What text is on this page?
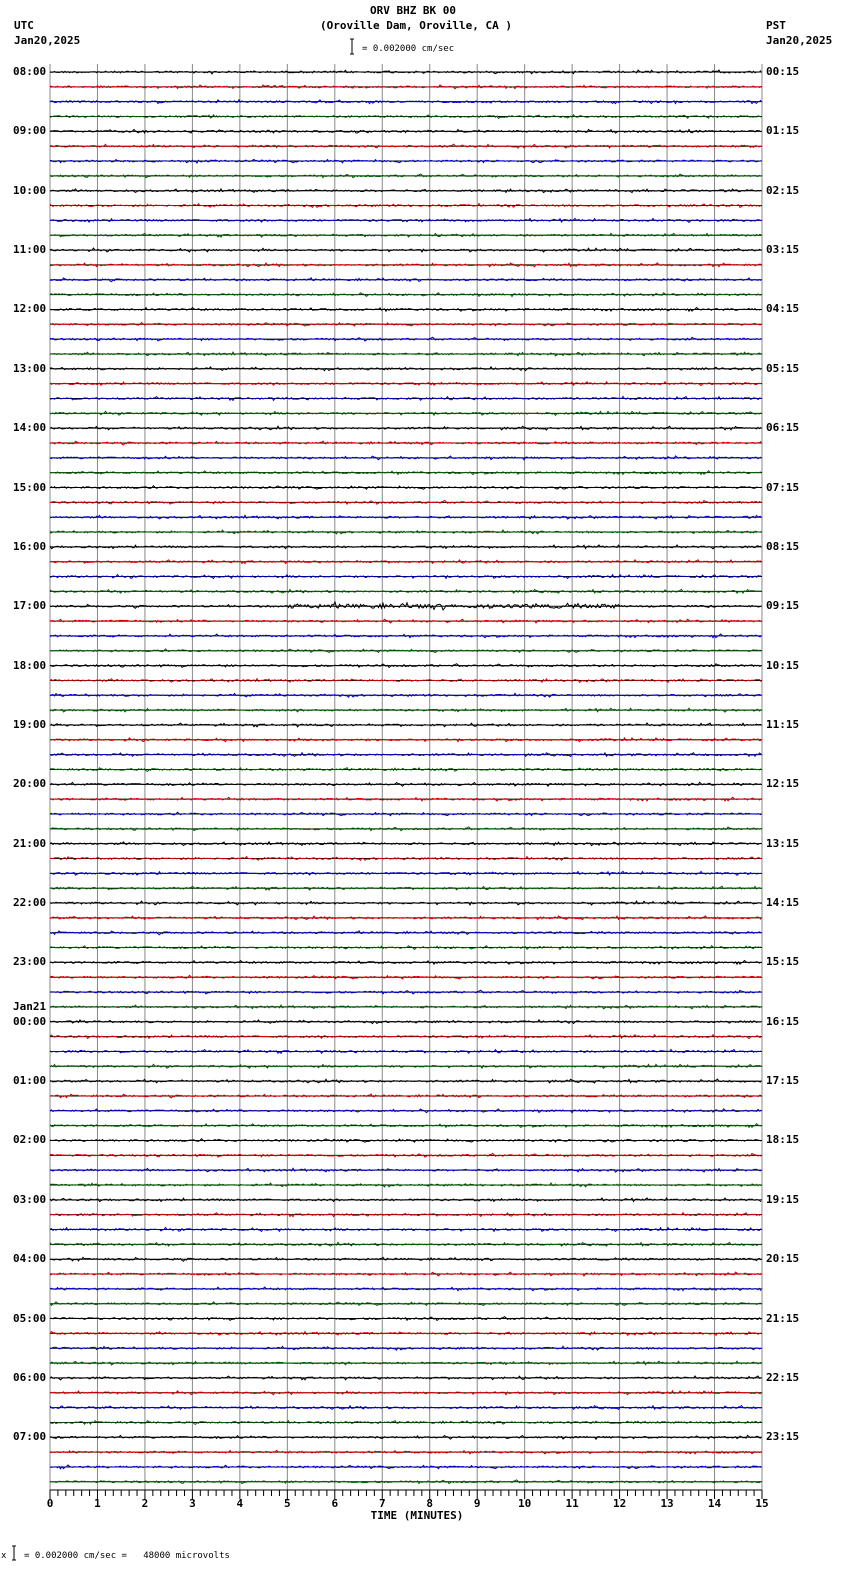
ORV BHZ BK 00
(Oroville Dam, Oroville, CA )
UTC
Jan20,2025
PST
Jan20,2025
= 0.002000 cm/sec
TIME (MINUTES)
x = 0.002000 cm/sec =   48000 microvolts
08:00
09:00
10:00
11:00
12:00
13:00
14:00
15:00
16:00
17:00
18:00
19:00
20:00
21:00
22:00
23:00
00:00
Jan21
01:00
02:00
03:00
04:00
05:00
06:00
07:00
00:15
01:15
02:15
03:15
04:15
05:15
06:15
07:15
08:15
09:15
10:15
11:15
12:15
13:15
14:15
15:15
16:15
17:15
18:15
19:15
20:15
21:15
22:15
23:15
0	1	2	3	4	5	6	7	8	9	10	11	12	13	14	15
